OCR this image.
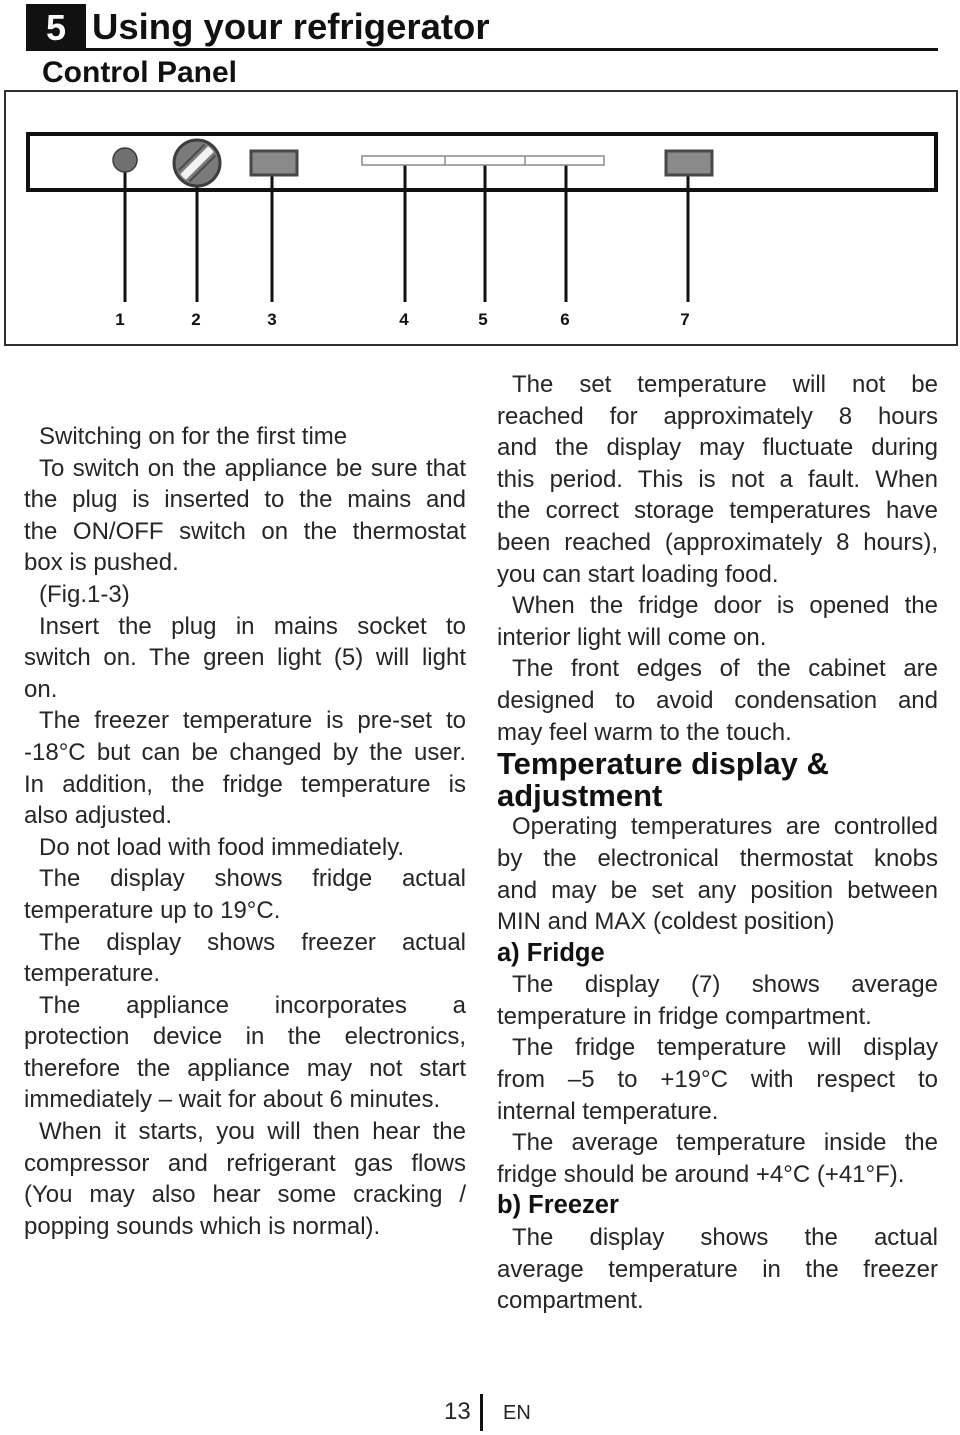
5 Using your refrigerator
Control Panel
1	2	3	4	5	6	7
Switching on for the first time
To switch on the appliance be sure that
the plug is inserted to the mains and
the ON/OFF switch on the thermostat
box is pushed.
(Fig.1-3)
Insert the plug in mains socket to
switch on. The green light (5) will light
on.
The freezer temperature is pre-set to
-18°C but can be changed by the user.
In addition, the fridge temperature is
also adjusted.
Do not load with food immediately.
The display shows fridge actual
temperature up to 19°C.
The display shows freezer actual
temperature.
The appliance incorporates a
protection device in the electronics,
therefore the appliance may not start
immediately – wait for about 6 minutes.
When it starts, you will then hear the
compressor and refrigerant gas flows
(You may also hear some cracking /
popping sounds which is normal).
The set temperature will not be
reached for approximately 8 hours
and the display may fluctuate during
this period. This is not a fault. When
the correct storage temperatures have
been reached (approximately 8 hours),
you can start loading food.
When the fridge door is opened the
interior light will come on.
The front edges of the cabinet are
designed to avoid condensation and
may feel warm to the touch.
Temperature display & adjustment
Operating temperatures are controlled
by the electronical thermostat knobs
and may be set any position between
MIN and MAX (coldest position)
a) Fridge
The display (7) shows average
temperature in fridge compartment.
The fridge temperature will display
from –5 to +19°C with respect to
internal temperature.
The average temperature inside the
fridge should be around +4°C (+41°F).
b) Freezer
The display shows the actual
average temperature in the freezer
compartment.
13 EN
